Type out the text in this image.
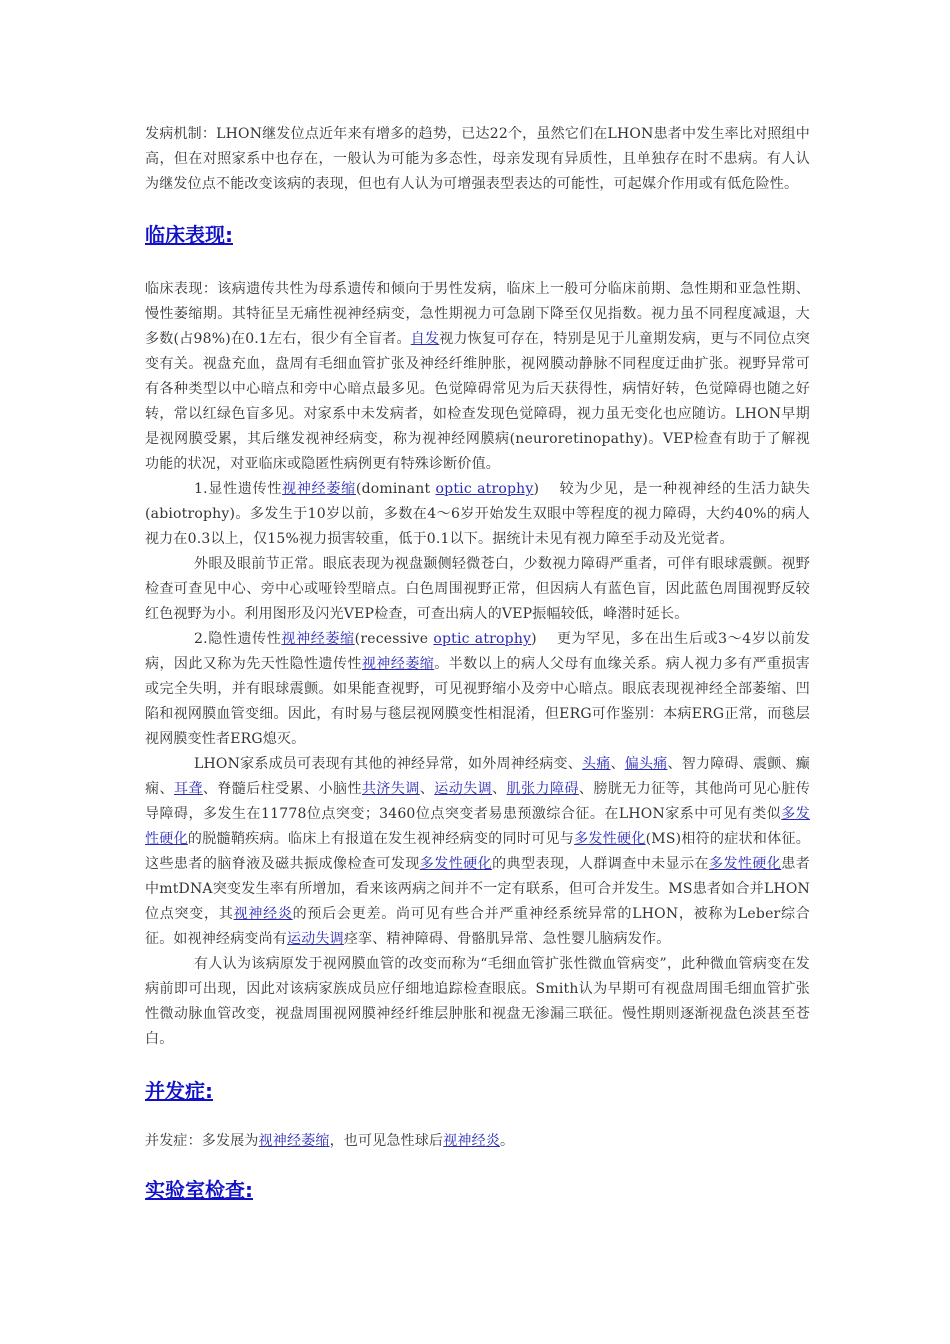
发病机制：LHON继发位点近年来有增多的趋势，已达22个，虽然它们在LHON患者中发生率比对照组中高，但在对照家系中也存在，一般认为可能为多态性，母亲发现有异质性，且单独存在时不患病。有人认为继发位点不能改变该病的表现，但也有人认为可增强表型表达的可能性，可起媒介作用或有低危险性。

临床表现:

临床表现：该病遗传共性为母系遗传和倾向于男性发病，临床上一般可分临床前期、急性期和亚急性期、慢性萎缩期。其特征呈无痛性视神经病变，急性期视力可急剧下降至仅见指数。视力虽不同程度减退，大多数(占98%)在0.1左右，很少有全盲者。自发视力恢复可存在，特别是见于儿童期发病，更与不同位点突变有关。视盘充血，盘周有毛细血管扩张及神经纤维肿胀，视网膜动静脉不同程度迂曲扩张。视野异常可有各种类型以中心暗点和旁中心暗点最多见。色觉障碍常见为后天获得性，病情好转，色觉障碍也随之好转，常以红绿色盲多见。对家系中未发病者，如检查发现色觉障碍，视力虽无变化也应随访。LHON早期是视网膜受累，其后继发视神经病变，称为视神经网膜病(neuroretinopathy)。VEP检查有助于了解视功能的状况，对亚临床或隐匿性病例更有特殊诊断价值。

1.显性遗传性视神经萎缩(dominant optic atrophy)　 较为少见，是一种视神经的生活力缺失(abiotrophy)。多发生于10岁以前，多数在4～6岁开始发生双眼中等程度的视力障碍，大约40%的病人视力在0.3以上，仅15%视力损害较重，低于0.1以下。据统计未见有视力障至手动及光觉者。

外眼及眼前节正常。眼底表现为视盘颞侧轻微苍白，少数视力障碍严重者，可伴有眼球震颤。视野检查可查见中心、旁中心或哑铃型暗点。白色周围视野正常，但因病人有蓝色盲，因此蓝色周围视野反较红色视野为小。利用图形及闪光VEP检查，可查出病人的VEP振幅较低，峰潜时延长。

2.隐性遗传性视神经萎缩(recessive optic atrophy)　 更为罕见，多在出生后或3～4岁以前发病，因此又称为先天性隐性遗传性视神经萎缩。半数以上的病人父母有血缘关系。病人视力多有严重损害或完全失明，并有眼球震颤。如果能查视野，可见视野缩小及旁中心暗点。眼底表现视神经全部萎缩、凹陷和视网膜血管变细。因此，有时易与毯层视网膜变性相混淆，但ERG可作鉴别：本病ERG正常，而毯层视网膜变性者ERG熄灭。

LHON家系成员可表现有其他的神经异常，如外周神经病变、头痛、偏头痛、智力障碍、震颤、癫痫、耳聋、脊髓后柱受累、小脑性共济失调、运动失调、肌张力障碍、膀胱无力征等，其他尚可见心脏传导障碍，多发生在11778位点突变；3460位点突变者易患预激综合征。在LHON家系中可见有类似多发性硬化的脱髓鞘疾病。临床上有报道在发生视神经病变的同时可见与多发性硬化(MS)相符的症状和体征。这些患者的脑脊液及磁共振成像检查可发现多发性硬化的典型表现，人群调查中未显示在多发性硬化患者中mtDNA突变发生率有所增加，看来该两病之间并不一定有联系，但可合并发生。MS患者如合并LHON位点突变，其视神经炎的预后会更差。尚可见有些合并严重神经系统异常的LHON，被称为Leber综合征。如视神经病变尚有运动失调痉挛、精神障碍、骨骼肌异常、急性婴儿脑病发作。

有人认为该病原发于视网膜血管的改变而称为“毛细血管扩张性微血管病变”，此种微血管病变在发病前即可出现，因此对该病家族成员应仔细地追踪检查眼底。Smith认为早期可有视盘周围毛细血管扩张性微动脉血管改变，视盘周围视网膜神经纤维层肿胀和视盘无渗漏三联征。慢性期则逐渐视盘色淡甚至苍白。

并发症:

并发症：多发展为视神经萎缩，也可见急性球后视神经炎。

实验室检查:
